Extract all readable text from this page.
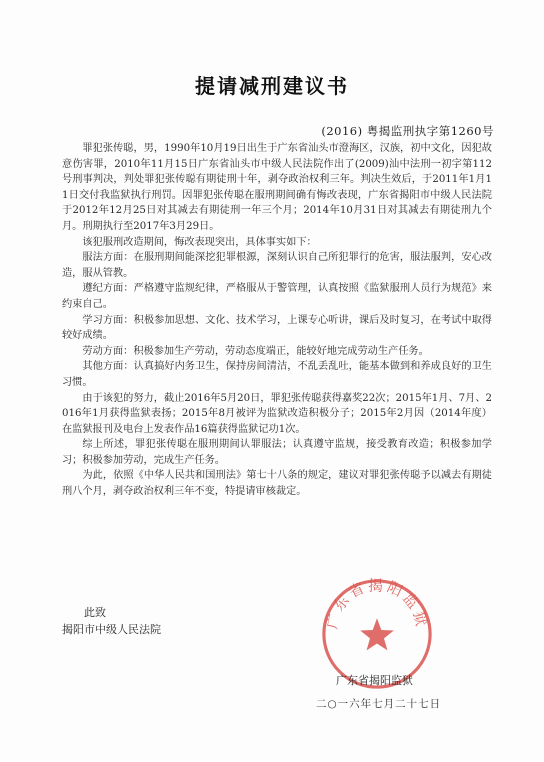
提请减刑建议书
(2016) 粤揭监刑执字第1260号

罪犯张传聪，男，1990年10月19日出生于广东省汕头市澄海区，汉族，初中文化，因犯故意伤害罪，2010年11月15日广东省汕头市中级人民法院作出了(2009)汕中法刑一初字第112号刑事判决，判处罪犯张传聪有期徒刑十年，剥夺政治权利三年。判决生效后，于2011年1月11日交付我监狱执行刑罚。因罪犯张传聪在服刑期间确有悔改表现，广东省揭阳市中级人民法院于2012年12月25日对其减去有期徒刑一年三个月；2014年10月31日对其减去有期徒刑九个月。刑期执行至2017年3月29日。

该犯服刑改造期间，悔改表现突出，具体事实如下：

服法方面：在服刑期间能深挖犯罪根源，深刻认识自己所犯罪行的危害，服法服判，安心改造，服从管教。

遵纪方面：严格遵守监规纪律，严格服从于警管理，认真按照《监狱服刑人员行为规范》来约束自己。

学习方面：积极参加思想、文化、技术学习，上课专心听讲，课后及时复习，在考试中取得较好成绩。

劳动方面：积极参加生产劳动，劳动态度端正，能较好地完成劳动生产任务。

其他方面：认真搞好内务卫生，保持房间清洁，不乱丢乱吐，能基本做到和养成良好的卫生习惯。

由于该犯的努力，截止2016年5月20日，罪犯张传聪获得嘉奖22次；2015年1月、7月、2016年1月获得监狱表扬；2015年8月被评为监狱改造积极分子；2015年2月因（2014年度）在监狱报刊及电台上发表作品16篇获得监狱记功1次。

综上所述，罪犯张传聪在服刑期间认罪服法；认真遵守监规，接受教育改造；积极参加学习；积极参加劳动，完成生产任务。

为此，依照《中华人民共和国刑法》第七十八条的规定，建议对罪犯张传聪予以减去有期徒刑八个月，剥夺政治权利三年不变，特提请审核裁定。

此致
揭阳市中级人民法院	广东省揭阳监狱
广东省揭阳监狱
二○一六年七月二十七日
